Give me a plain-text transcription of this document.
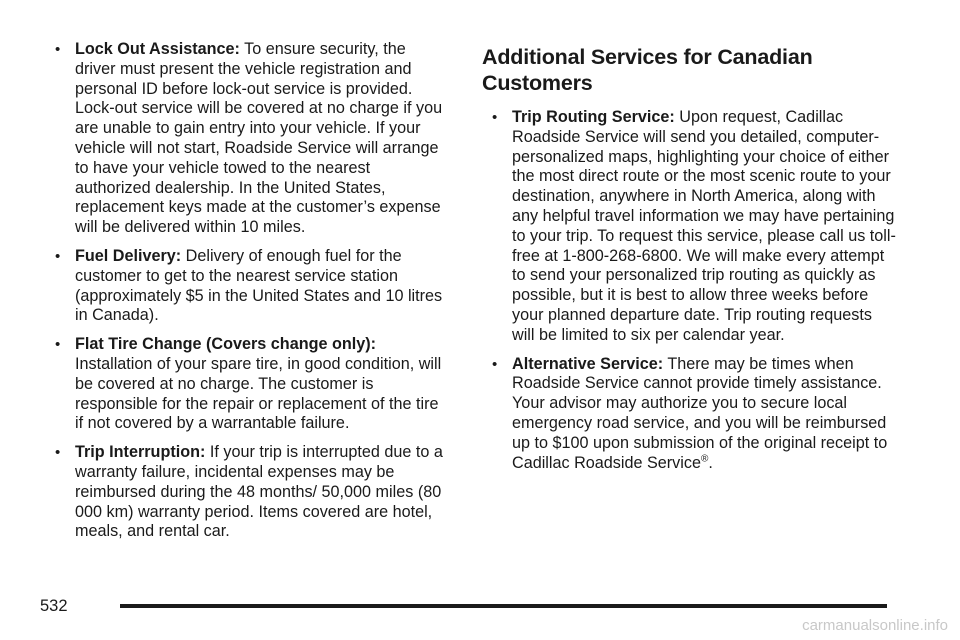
• Lock Out Assistance: To ensure security, the driver must present the vehicle registration and personal ID before lock-out service is provided. Lock-out service will be covered at no charge if you are unable to gain entry into your vehicle. If your vehicle will not start, Roadside Service will arrange to have your vehicle towed to the nearest authorized dealership. In the United States, replacement keys made at the customer’s expense will be delivered within 10 miles.
• Fuel Delivery: Delivery of enough fuel for the customer to get to the nearest service station (approximately $5 in the United States and 10 litres in Canada).
• Flat Tire Change (Covers change only): Installation of your spare tire, in good condition, will be covered at no charge. The customer is responsible for the repair or replacement of the tire if not covered by a warrantable failure.
• Trip Interruption: If your trip is interrupted due to a warranty failure, incidental expenses may be reimbursed during the 48 months/ 50,000 miles (80 000 km) warranty period. Items covered are hotel, meals, and rental car.
Additional Services for Canadian Customers
• Trip Routing Service: Upon request, Cadillac Roadside Service will send you detailed, computer-personalized maps, highlighting your choice of either the most direct route or the most scenic route to your destination, anywhere in North America, along with any helpful travel information we may have pertaining to your trip. To request this service, please call us toll-free at 1-800-268-6800. We will make every attempt to send your personalized trip routing as quickly as possible, but it is best to allow three weeks before your planned departure date. Trip routing requests will be limited to six per calendar year.
• Alternative Service: There may be times when Roadside Service cannot provide timely assistance. Your advisor may authorize you to secure local emergency road service, and you will be reimbursed up to $100 upon submission of the original receipt to Cadillac Roadside Service®.
532
carmanualsonline.info
